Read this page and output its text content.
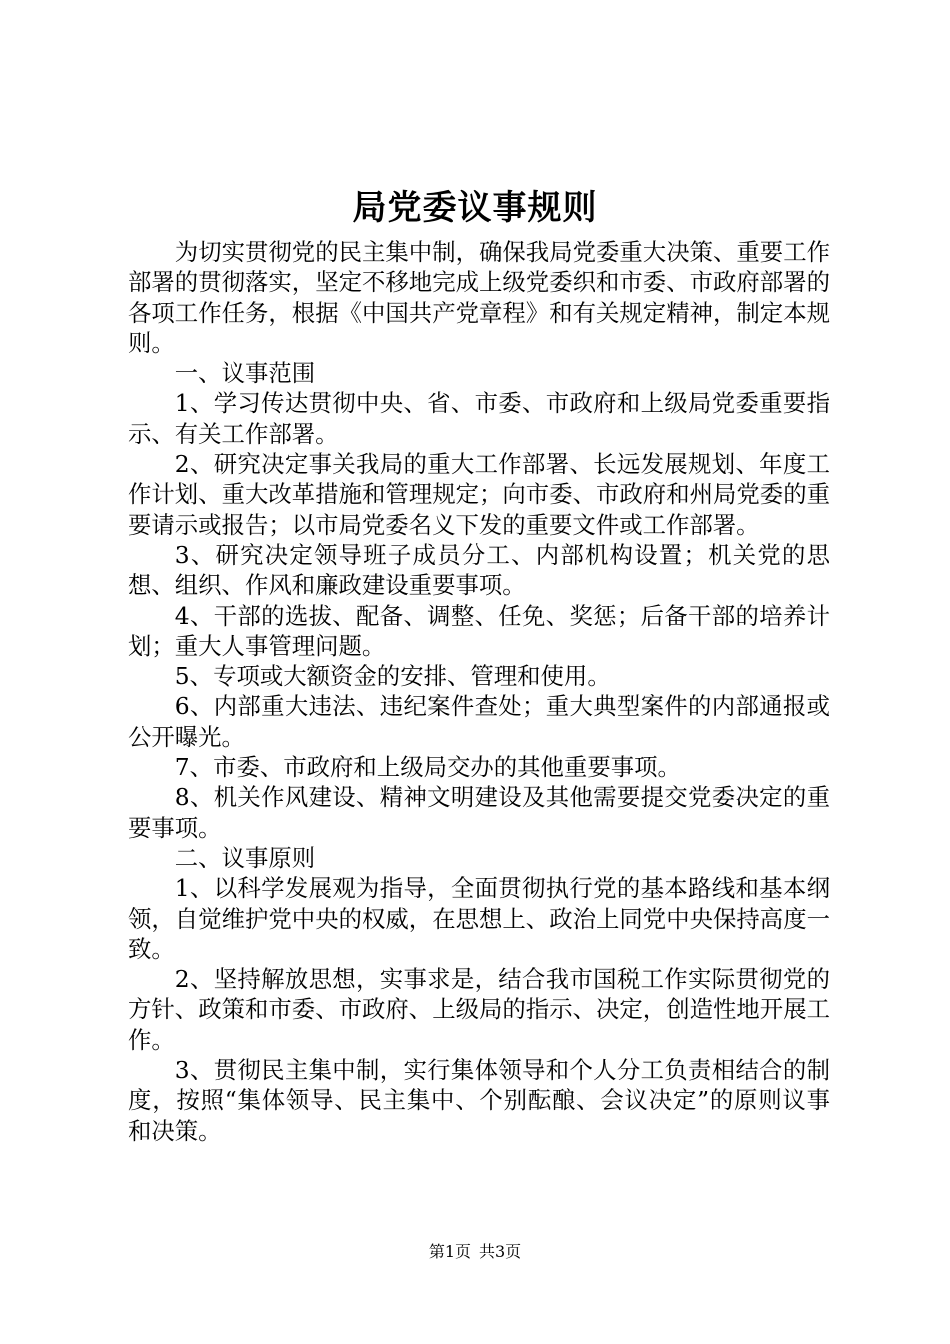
局党委议事规则

为切实贯彻党的民主集中制，确保我局党委重大决策、重要工作部署的贯彻落实，坚定不移地完成上级党委织和市委、市政府部署的各项工作任务，根据《中国共产党章程》和有关规定精神，制定本规则。

一、议事范围

1、学习传达贯彻中央、省、市委、市政府和上级局党委重要指示、有关工作部署。

2、研究决定事关我局的重大工作部署、长远发展规划、年度工作计划、重大改革措施和管理规定；向市委、市政府和州局党委的重要请示或报告；以市局党委名义下发的重要文件或工作部署。

3、研究决定领导班子成员分工、内部机构设置；机关党的思想、组织、作风和廉政建设重要事项。

4、干部的选拔、配备、调整、任免、奖惩；后备干部的培养计划；重大人事管理问题。

5、专项或大额资金的安排、管理和使用。

6、内部重大违法、违纪案件查处；重大典型案件的内部通报或公开曝光。

7、市委、市政府和上级局交办的其他重要事项。

8、机关作风建设、精神文明建设及其他需要提交党委决定的重要事项。

二、议事原则

1、以科学发展观为指导，全面贯彻执行党的基本路线和基本纲领，自觉维护党中央的权威，在思想上、政治上同党中央保持高度一致。

2、坚持解放思想，实事求是，结合我市国税工作实际贯彻党的方针、政策和市委、市政府、上级局的指示、决定，创造性地开展工作。

3、贯彻民主集中制，实行集体领导和个人分工负责相结合的制度，按照“集体领导、民主集中、个别酝酿、会议决定”的原则议事和决策。

第1页 共3页
